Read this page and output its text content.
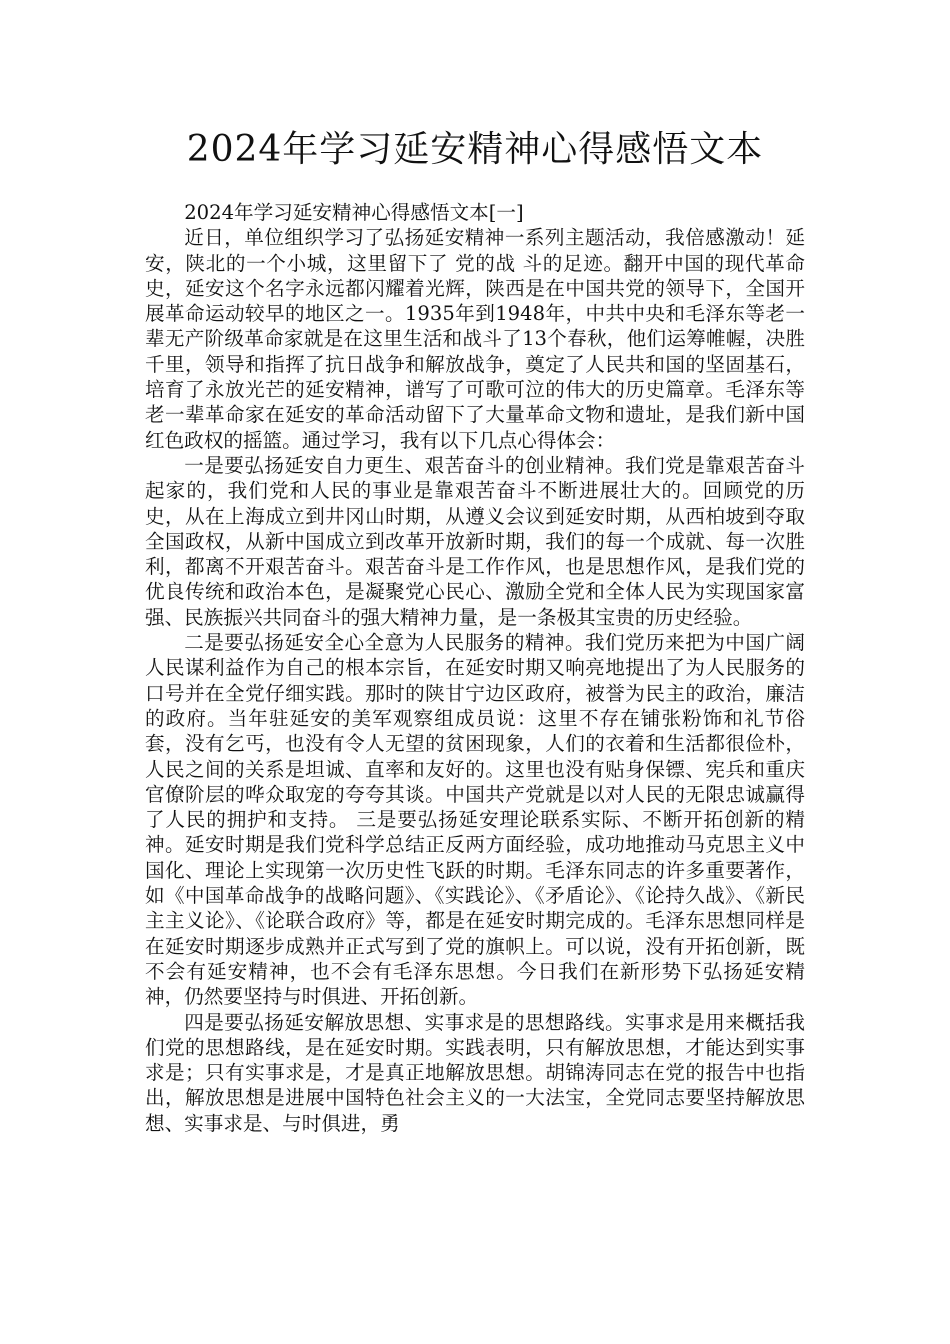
2024年学习延安精神心得感悟文本

2024年学习延安精神心得感悟文本[一]

近日，单位组织学习了弘扬延安精神一系列主题活动，我倍感激动！延安，陕北的一个小城，这里留下了 党的战 斗的足迹。翻开中国的现代革命史，延安这个名字永远都闪耀着光辉，陕西是在中国共党的领导下，全国开展革命运动较早的地区之一。1935年到1948年，中共中央和毛泽东等老一辈无产阶级革命家就是在这里生活和战斗了13个春秋，他们运筹帷幄，决胜千里，领导和指挥了抗日战争和解放战争，奠定了人民共和国的坚固基石，培育了永放光芒的延安精神，谱写了可歌可泣的伟大的历史篇章。毛泽东等老一辈革命家在延安的革命活动留下了大量革命文物和遗址，是我们新中国红色政权的摇篮。通过学习，我有以下几点心得体会：

一是要弘扬延安自力更生、艰苦奋斗的创业精神。我们党是靠艰苦奋斗起家的，我们党和人民的事业是靠艰苦奋斗不断进展壮大的。回顾党的历史，从在上海成立到井冈山时期，从遵义会议到延安时期，从西柏坡到夺取全国政权，从新中国成立到改革开放新时期，我们的每一个成就、每一次胜利，都离不开艰苦奋斗。艰苦奋斗是工作作风，也是思想作风，是我们党的优良传统和政治本色，是凝聚党心民心、激励全党和全体人民为实现国家富强、民族振兴共同奋斗的强大精神力量，是一条极其宝贵的历史经验。

二是要弘扬延安全心全意为人民服务的精神。我们党历来把为中国广阔人民谋利益作为自己的根本宗旨，在延安时期又响亮地提出了为人民服务的口号并在全党仔细实践。那时的陕甘宁边区政府，被誉为民主的政治，廉洁的政府。当年驻延安的美军观察组成员说：这里不存在铺张粉饰和礼节俗套，没有乞丐，也没有令人无望的贫困现象，人们的衣着和生活都很俭朴，人民之间的关系是坦诚、直率和友好的。这里也没有贴身保镖、宪兵和重庆官僚阶层的哗众取宠的夸夸其谈。中国共产党就是以对人民的无限忠诚赢得了人民的拥护和支持。 三是要弘扬延安理论联系实际、不断开拓创新的精神。延安时期是我们党科学总结正反两方面经验，成功地推动马克思主义中国化、理论上实现第一次历史性飞跃的时期。毛泽东同志的许多重要著作，如《中国革命战争的战略问题》、《实践论》、《矛盾论》、《论持久战》、《新民主主义论》、《论联合政府》等，都是在延安时期完成的。毛泽东思想同样是在延安时期逐步成熟并正式写到了党的旗帜上。可以说，没有开拓创新，既不会有延安精神，也不会有毛泽东思想。今日我们在新形势下弘扬延安精神，仍然要坚持与时俱进、开拓创新。

四是要弘扬延安解放思想、实事求是的思想路线。实事求是用来概括我们党的思想路线，是在延安时期。实践表明，只有解放思想，才能达到实事求是；只有实事求是，才是真正地解放思想。胡锦涛同志在党的报告中也指出，解放思想是进展中国特色社会主义的一大法宝，全党同志要坚持解放思想、实事求是、与时俱进，勇
